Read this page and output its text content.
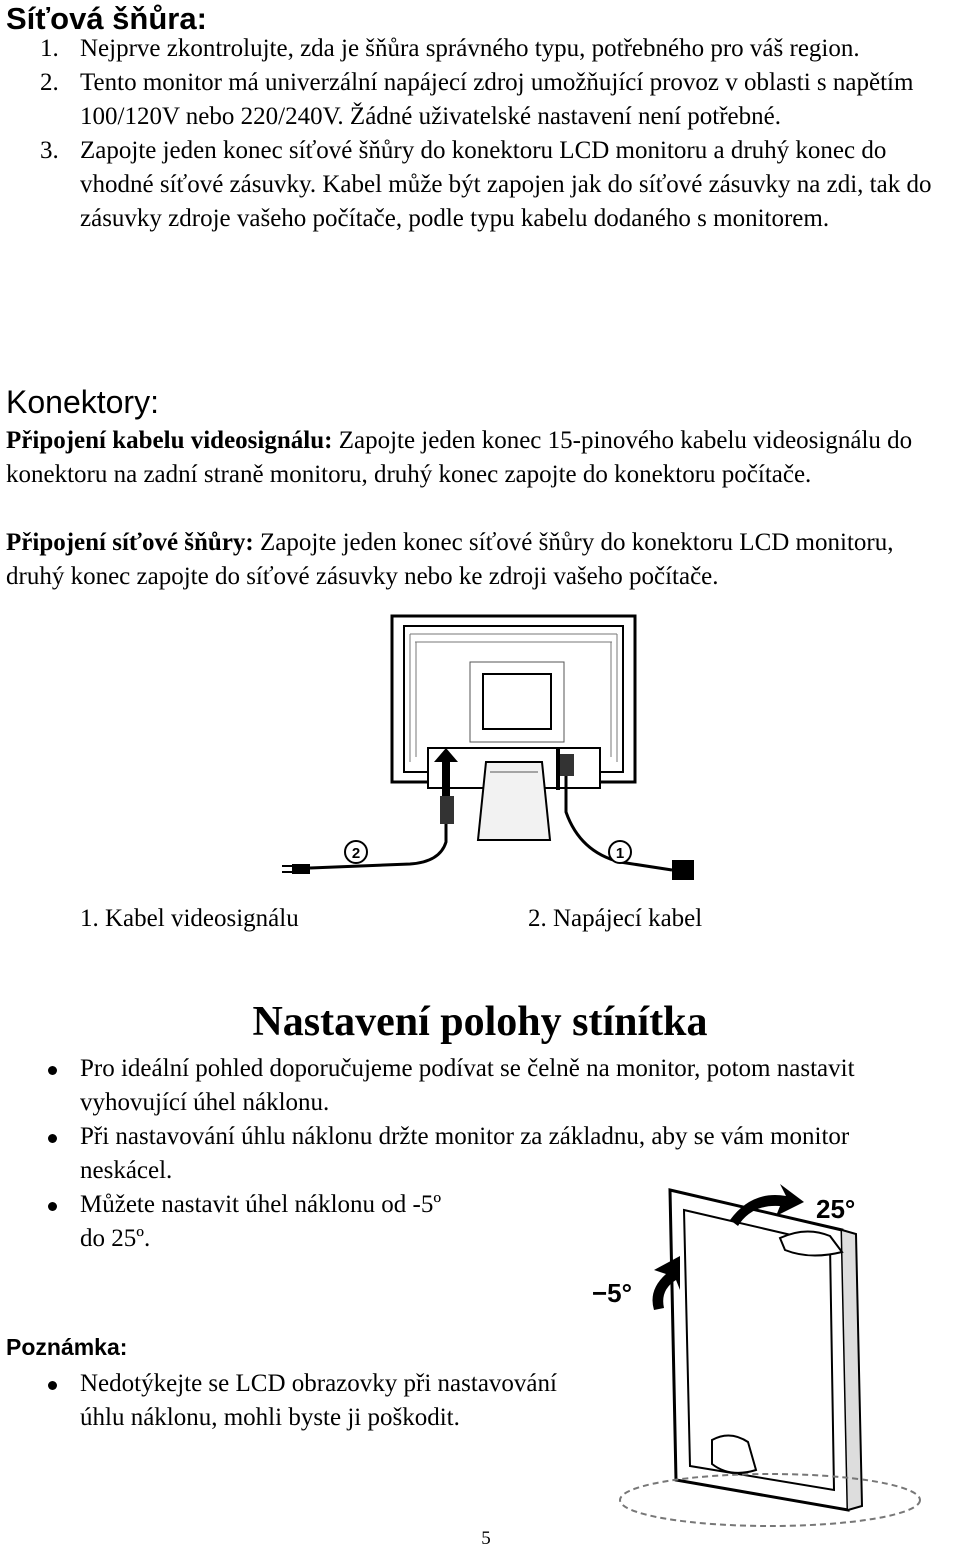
Síťová šňůra:
1. Nejprve zkontrolujte, zda je šňůra správného typu, potřebného pro váš region.
2. Tento monitor má univerzální napájecí zdroj umožňující provoz v oblasti s napětím 100/120V nebo 220/240V. Žádné uživatelské nastavení není potřebné.
3. Zapojte jeden konec síťové šňůry do konektoru LCD monitoru a druhý konec do vhodné síťové zásuvky. Kabel může být zapojen jak do síťové zásuvky na zdi, tak do zásuvky zdroje vašeho počítače, podle typu kabelu dodaného s monitorem.
Konektory:
Připojení kabelu videosignálu: Zapojte jeden konec 15-pinového kabelu videosignálu do konektoru na zadní straně monitoru, druhý konec zapojte do konektoru počítače.
Připojení síťové šňůry: Zapojte jeden konec síťové šňůry do konektoru LCD monitoru, druhý konec zapojte do síťové zásuvky nebo ke zdroji vašeho počítače.
2	1
1. Kabel videosignálu	2. Napájecí kabel
Nastavení polohy stínítka
Pro ideální pohled doporučujeme podívat se čelně na monitor, potom nastavit vyhovující úhel náklonu.
Při nastavování úhlu náklonu držte monitor za základnu, aby se vám monitor neskácel.
Můžete nastavit úhel náklonu od -5º do 25º.
25°
−5°
Poznámka:
Nedotýkejte se LCD obrazovky při nastavování úhlu náklonu, mohli byste ji poškodit.
5
